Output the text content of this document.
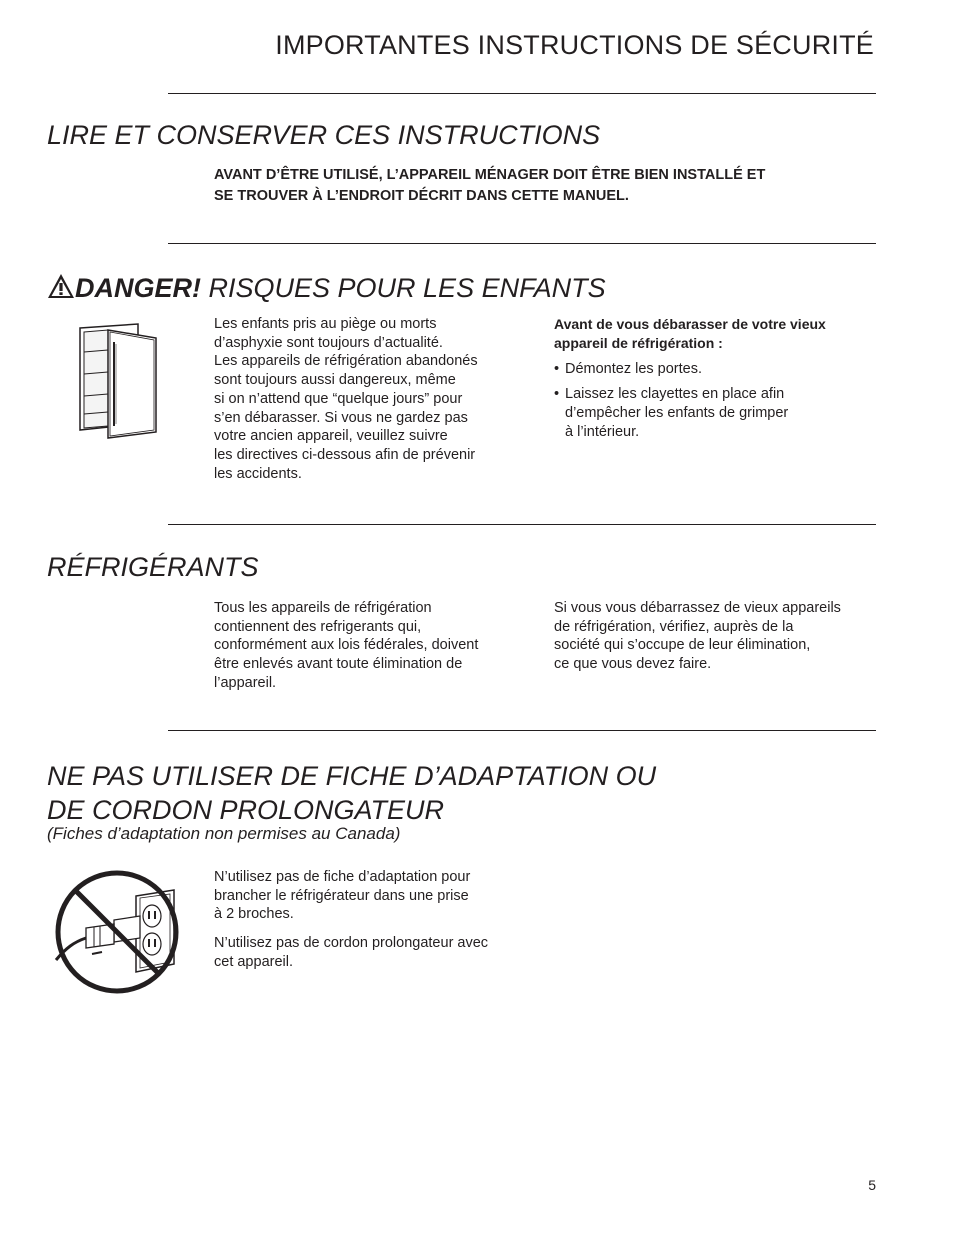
IMPORTANTES INSTRUCTIONS DE SÉCURITÉ
LIRE ET CONSERVER CES INSTRUCTIONS
AVANT D’ÊTRE UTILISÉ, L’APPAREIL MÉNAGER DOIT ÊTRE BIEN INSTALLÉ ET
SE TROUVER À L’ENDROIT DÉCRIT DANS CETTE MANUEL.
DANGER! RISQUES POUR LES ENFANTS
Les enfants pris au piège ou morts
d’asphyxie sont toujours d’actualité.
Les appareils de réfrigération abandonés
sont toujours aussi dangereux, même
si on n’attend que “quelque jours” pour
s’en débarasser. Si vous ne gardez pas
votre ancien appareil, veuillez suivre
les directives ci-dessous afin de prévenir
les accidents.
Avant de vous débarasser de votre vieux
appareil de réfrigération :
• Démontez les portes.
• Laissez les clayettes en place afin
d’empêcher les enfants de grimper
à l’intérieur.
RÉFRIGÉRANTS
Tous les appareils de réfrigération
contiennent des refrigerants qui,
conformément aux lois fédérales, doivent
être enlevés avant toute élimination de
l’appareil.
Si vous vous débarrassez de vieux appareils
de réfrigération, vérifiez, auprès de la
société qui s’occupe de leur élimination,
ce que vous devez faire.
NE PAS UTILISER DE FICHE D’ADAPTATION OU
DE CORDON PROLONGATEUR
(Fiches d’adaptation non permises au Canada)
N’utilisez pas de fiche d’adaptation pour
brancher le réfrigérateur dans une prise
à 2 broches.
N’utilisez pas de cordon prolongateur avec
cet appareil.
5
